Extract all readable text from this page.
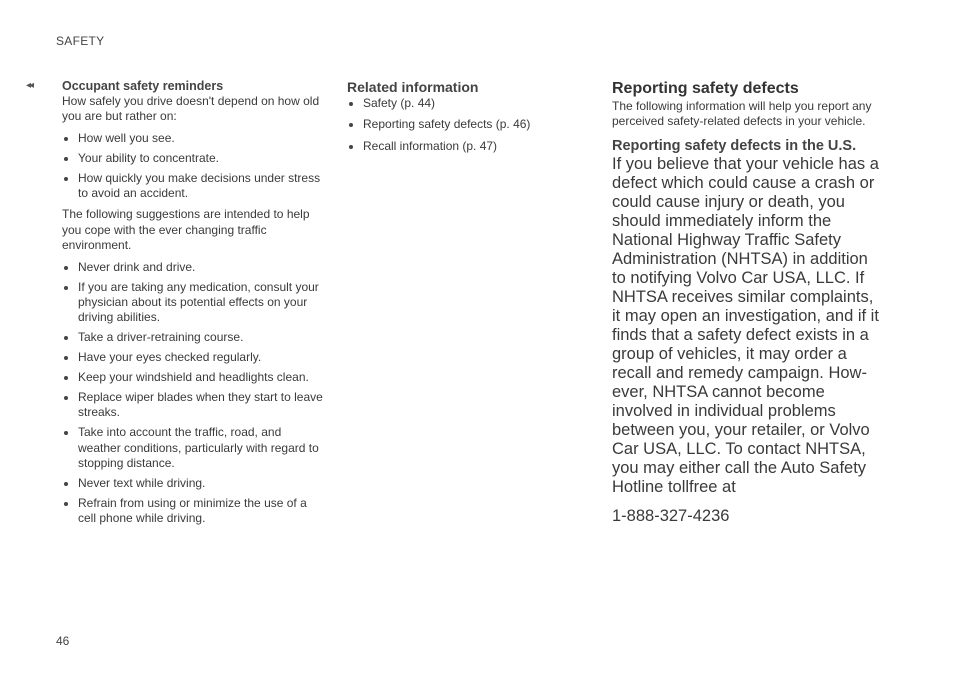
SAFETY
◂◂ Occupant safety reminders

How safely you drive doesn't depend on how old you are but rather on:

How well you see.
Your ability to concentrate.
How quickly you make decisions under stress to avoid an accident.

The following suggestions are intended to help you cope with the ever changing traffic environment.

Never drink and drive.
If you are taking any medication, consult your physician about its potential effects on your driving abilities.
Take a driver-retraining course.
Have your eyes checked regularly.
Keep your windshield and headlights clean.
Replace wiper blades when they start to leave streaks.
Take into account the traffic, road, and weather conditions, particularly with regard to stopping distance.
Never text while driving.
Refrain from using or minimize the use of a cell phone while driving.
Related information
Safety (p. 44)
Reporting safety defects (p. 46)
Recall information (p. 47)
Reporting safety defects

The following information will help you report any perceived safety-related defects in your vehicle.

Reporting safety defects in the U.S.
If you believe that your vehicle has a
defect which could cause a crash or
could cause injury or death, you
should immediately inform the
National Highway Traffic Safety
Administration (NHTSA) in addition
to notifying Volvo Car USA, LLC. If
NHTSA receives similar complaints,
it may open an investigation, and if it
finds that a safety defect exists in a
group of vehicles, it may order a
recall and remedy campaign. How-
ever, NHTSA cannot become
involved in individual problems
between you, your retailer, or Volvo
Car USA, LLC. To contact NHTSA,
you may either call the Auto Safety
Hotline tollfree at
1-888-327-4236
46
